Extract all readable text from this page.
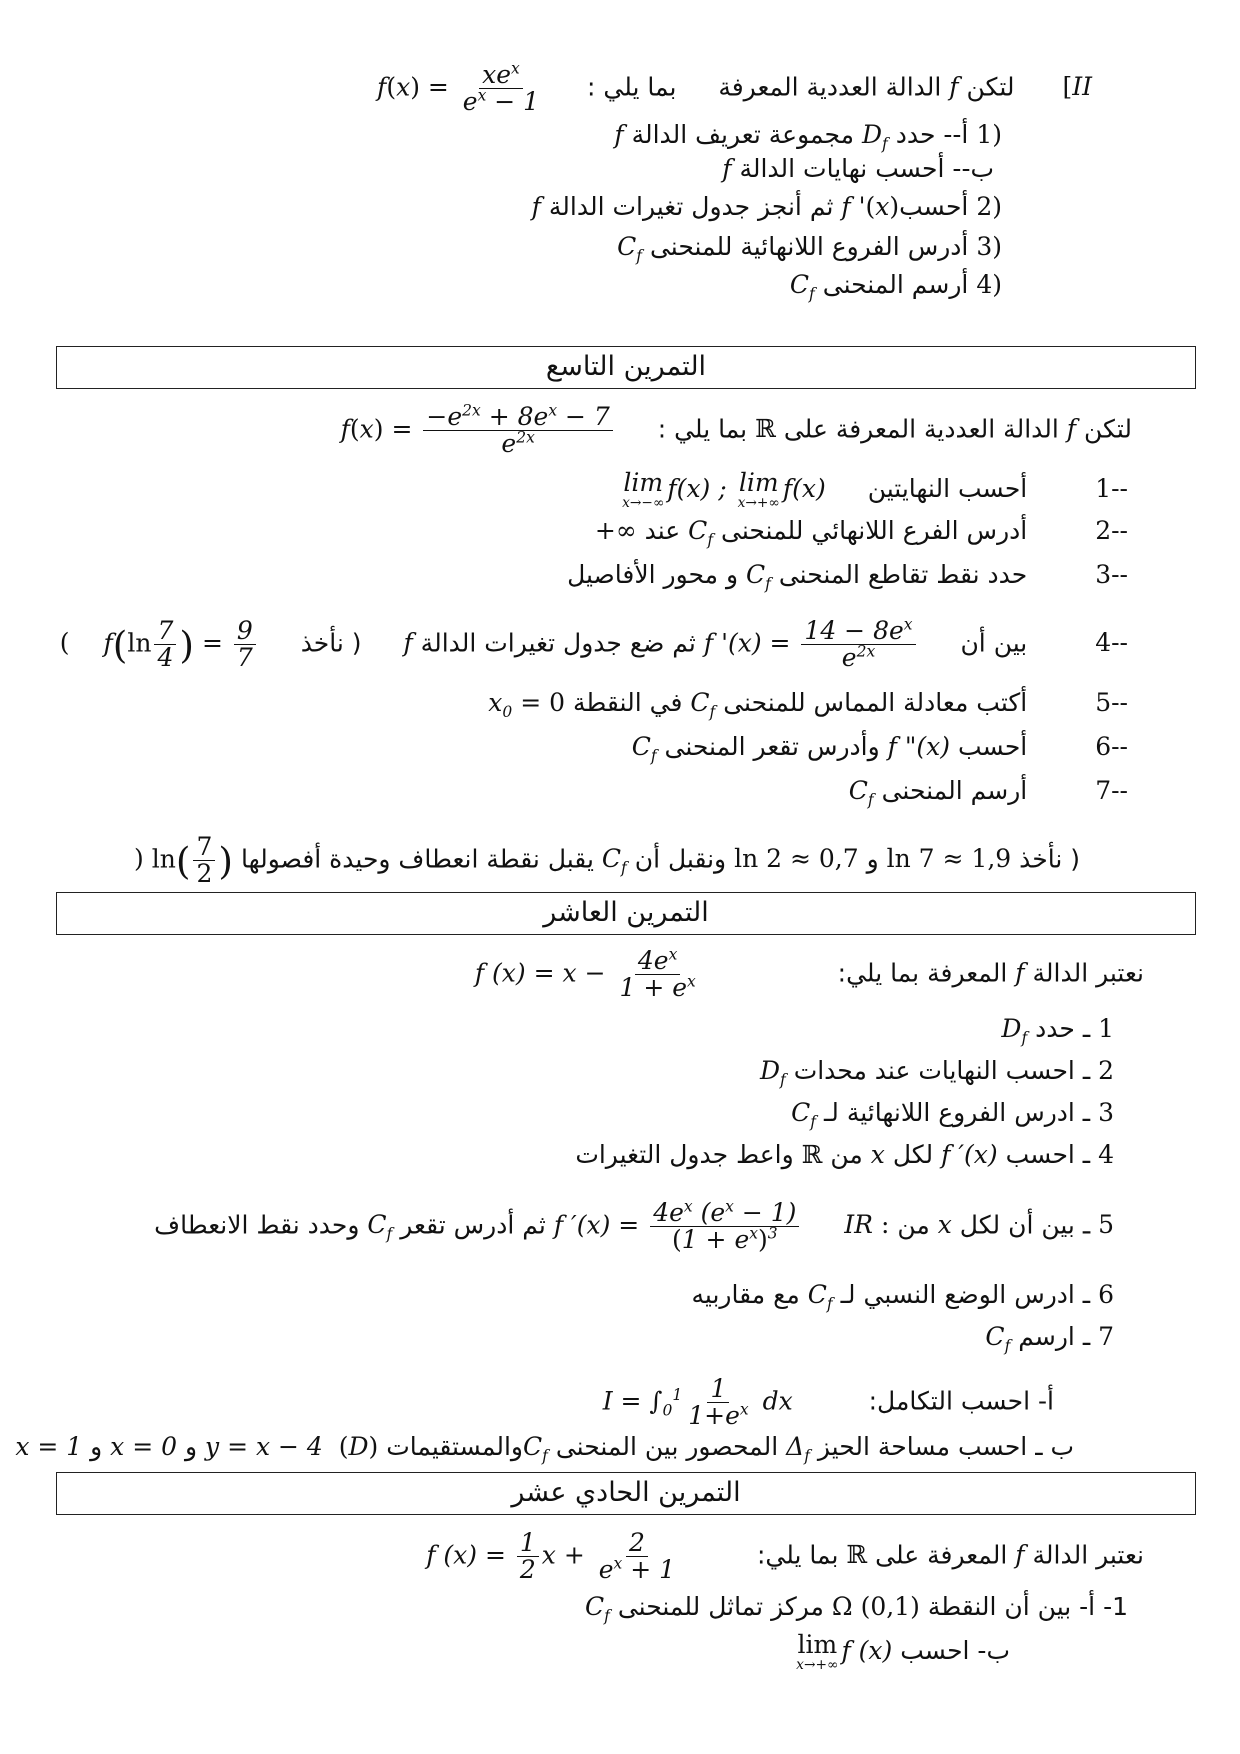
[II لتكن f الدالة العددية المعرفة  بما يلي :  $f(x) = \frac{xe^x}{e^x - 1}$
1) أ-- حدد $D_f$ مجموعة تعريف الدالة f
ب-- أحسب نهايات الدالة f
2) أحسبf '(x) ثم أنجز جدول تغيرات الدالة f
3) أدرس الفروع اللانهائية للمنحنى $C_f$
4) أرسم المنحنى $C_f$
التمرين التاسع
لتكن f الدالة العددية المعرفة على ℝ بما يلي :  $f(x) = \frac{-e^{2x} + 8e^x - 7}{e^{2x}}$
1-- أحسب النهايتين
lim
x→−∞
f(x) ; lim
x→+∞
f(x)
2-- أدرس الفرع اللانهائي للمنحنى $C_f$ عند +∞
3-- حدد نقط تقاطع المنحنى $C_f$ و محور الأفاصيل
4-- بين أن  f '$(x) = \frac{14 - 8e^x}{e^{2x}}$
ثم ضع جدول تغيرات الدالة f  ( نأخذ  $f(\ln \frac{7}{4}$ ) = $\frac{9}{7}$
(
5-- أكتب معادلة المماس للمنحنى $C_f$ في النقطة $x_0 = 0$
6-- أحسب f "(x) وأدرس تقعر المنحنى $C_f$
7-- أرسم المنحنى $C_f$
( نأخذ ln 7 ≈ 1,9 و ln 2 ≈ 0,7 ونقبل أن $C_f$ يقبل نقطة انعطاف وحيدة أفصولها $\ln( \frac{7}{2}$ ) )
التمرين العاشر
نعتبر الدالة f المعرفة بما يلي:  f $(x) = x - \frac{4e^x}{1 + e^x}$
1 ـ حدد $D_f$
2 ـ احسب النهايات عند محدات $D_f$
3 ـ ادرس الفروع اللانهائية لـ $C_f$
4 ـ احسب f ′(x) لكل x من ℝ واعط جدول التغيرات
5 ـ بين أن لكل x من IR :  f $'(x) = \frac{4e^x (e^x - 1)}{(1 + e^x)^3}$
ثم أدرس تقعر $C_f$ وحدد نقط الانعطاف
6 ـ ادرس الوضع النسبي لـ $C_f$ مع مقاربيه
7 ـ ارسم $C_f$
أ- احسب التكامل:  $I = \int_0^1 \frac{1}{1+e^x}$ dx
ب ـ احسب مساحة الحيز $\Delta_f$ المحصور بين المنحنى $C_fوالمستقيمات$ y = x − 4  (D) و x = 0 و x = 1
التمرين الحادي عشر
نعتبر الدالة f المعرفة على ℝ بما يلي:  f $(x) = \frac{1}{2}$ $x + \frac{2}{e^x + 1}$
1- أ- بين أن النقطة Ω (0,1) مركز تماثل للمنحنى $C_f$
ب- احسب
lim
x→+∞
f (x)
